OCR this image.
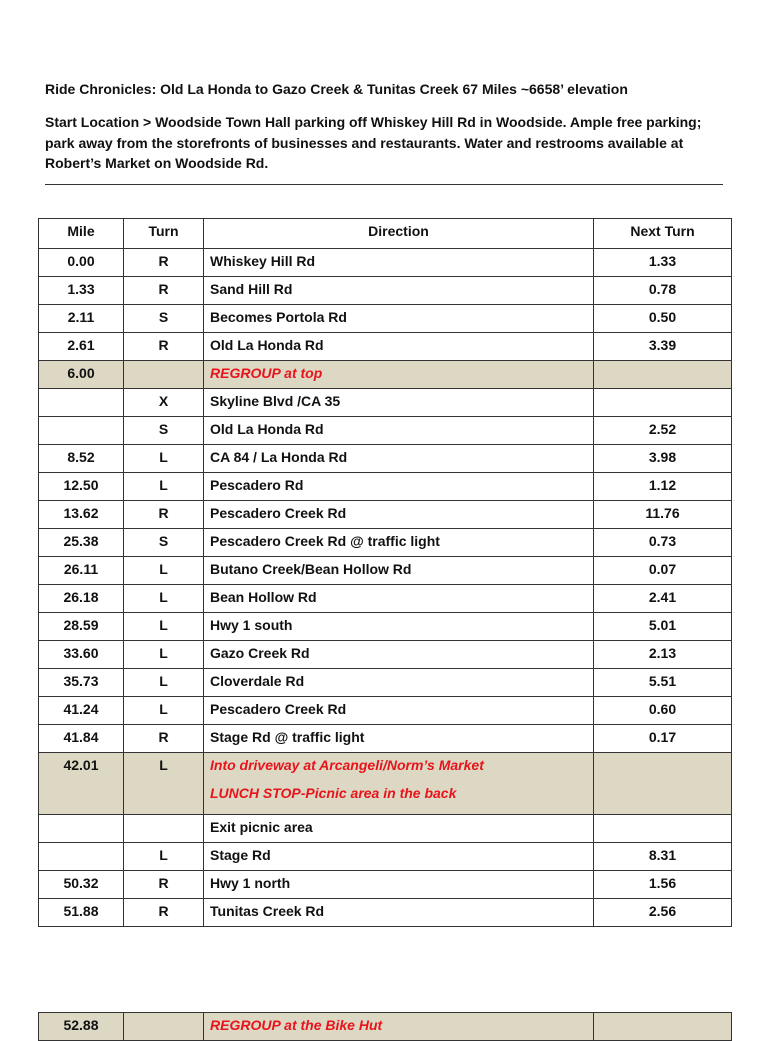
Ride Chronicles: Old La Honda to Gazo Creek & Tunitas Creek 67 Miles ~6658’ elevation
Start Location > Woodside Town Hall parking off Whiskey Hill Rd in Woodside. Ample free parking; park away from the storefronts of businesses and restaurants. Water and restrooms available at Robert’s Market on Woodside Rd.
Mile	Turn	Direction	Next Turn
0.00	R	Whiskey Hill Rd	1.33
1.33	R	Sand Hill Rd	0.78
2.11	S	Becomes Portola Rd	0.50
2.61	R	Old La Honda Rd	3.39
6.00		REGROUP at top	
	X	Skyline Blvd /CA 35	
	S	Old La Honda Rd	2.52
8.52	L	CA 84 / La Honda Rd	3.98
12.50	L	Pescadero Rd	1.12
13.62	R	Pescadero Creek Rd	11.76
25.38	S	Pescadero Creek Rd @ traffic light	0.73
26.11	L	Butano Creek/Bean Hollow Rd	0.07
26.18	L	Bean Hollow Rd	2.41
28.59	L	Hwy 1 south	5.01
33.60	L	Gazo Creek Rd	2.13
35.73	L	Cloverdale Rd	5.51
41.24	L	Pescadero Creek Rd	0.60
41.84	R	Stage Rd @ traffic light	0.17
42.01	L	Into driveway at Arcangeli/Norm’s Market
LUNCH STOP-Picnic area in the back	

		Exit picnic area	
	L	Stage Rd	8.31
50.32	R	Hwy 1 north	1.56
51.88	R	Tunitas Creek Rd	2.56
52.88		REGROUP at the Bike Hut	
